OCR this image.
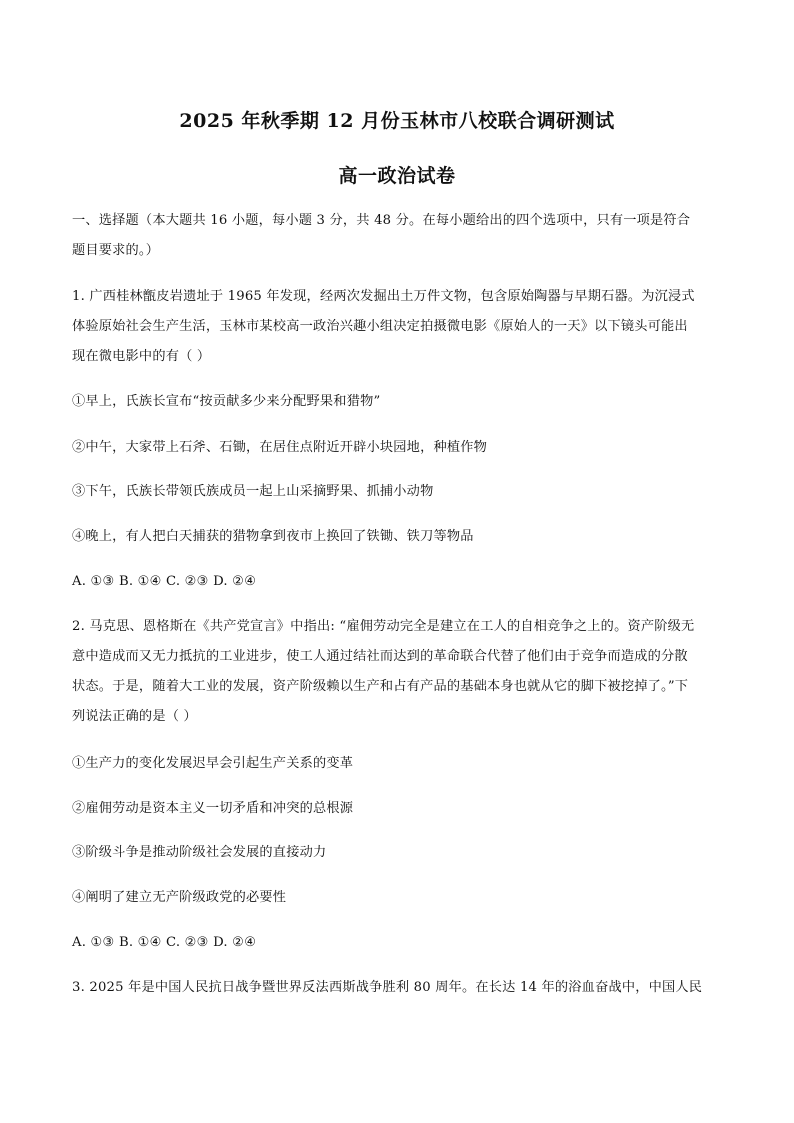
2025 年秋季期 12 月份玉林市八校联合调研测试
高一政治试卷
一、选择题（本大题共 16 小题，每小题 3 分，共 48 分。在每小题给出的四个选项中，只有一项是符合
题目要求的。）
1. 广西桂林甑皮岩遗址于 1965 年发现，经两次发掘出土万件文物，包含原始陶器与早期石器。为沉浸式
体验原始社会生产生活，玉林市某校高一政治兴趣小组决定拍摄微电影《原始人的一天》以下镜头可能出
现在微电影中的有（ ）
①早上，氏族长宣布“按贡献多少来分配野果和猎物”
②中午，大家带上石斧、石锄，在居住点附近开辟小块园地，种植作物
③下午，氏族长带领氏族成员一起上山采摘野果、抓捕小动物
④晚上，有人把白天捕获的猎物拿到夜市上换回了铁锄、铁刀等物品
A. ①③ B. ①④ C. ②③ D. ②④
2. 马克思、恩格斯在《共产党宣言》中指出: “雇佣劳动完全是建立在工人的自相竞争之上的。资产阶级无
意中造成而又无力抵抗的工业进步，使工人通过结社而达到的革命联合代替了他们由于竞争而造成的分散
状态。于是，随着大工业的发展，资产阶级赖以生产和占有产品的基础本身也就从它的脚下被挖掉了。”下
列说法正确的是（ ）
①生产力的变化发展迟早会引起生产关系的变革
②雇佣劳动是资本主义一切矛盾和冲突的总根源
③阶级斗争是推动阶级社会发展的直接动力
④阐明了建立无产阶级政党的必要性
A. ①③ B. ①④ C. ②③ D. ②④
3. 2025 年是中国人民抗日战争暨世界反法西斯战争胜利 80 周年。在长达 14 年的浴血奋战中，中国人民
